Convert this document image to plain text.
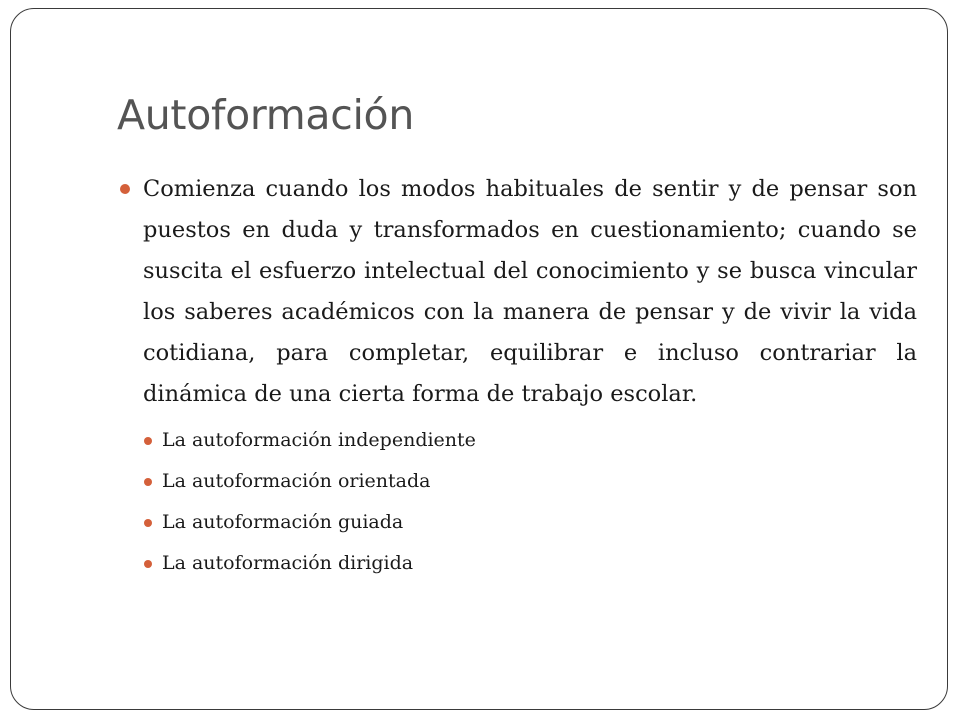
Autoformación
Comienza cuando los modos habituales de sentir y de pensar son puestos en duda y transformados en cuestionamiento; cuando se suscita el esfuerzo intelectual del conocimiento y se busca vincular los saberes académicos con la manera de pensar y de vivir la vida cotidiana, para completar, equilibrar e incluso contrariar la dinámica de una cierta forma de trabajo escolar.
La autoformación independiente
La autoformación orientada
La autoformación guiada
La autoformación dirigida
